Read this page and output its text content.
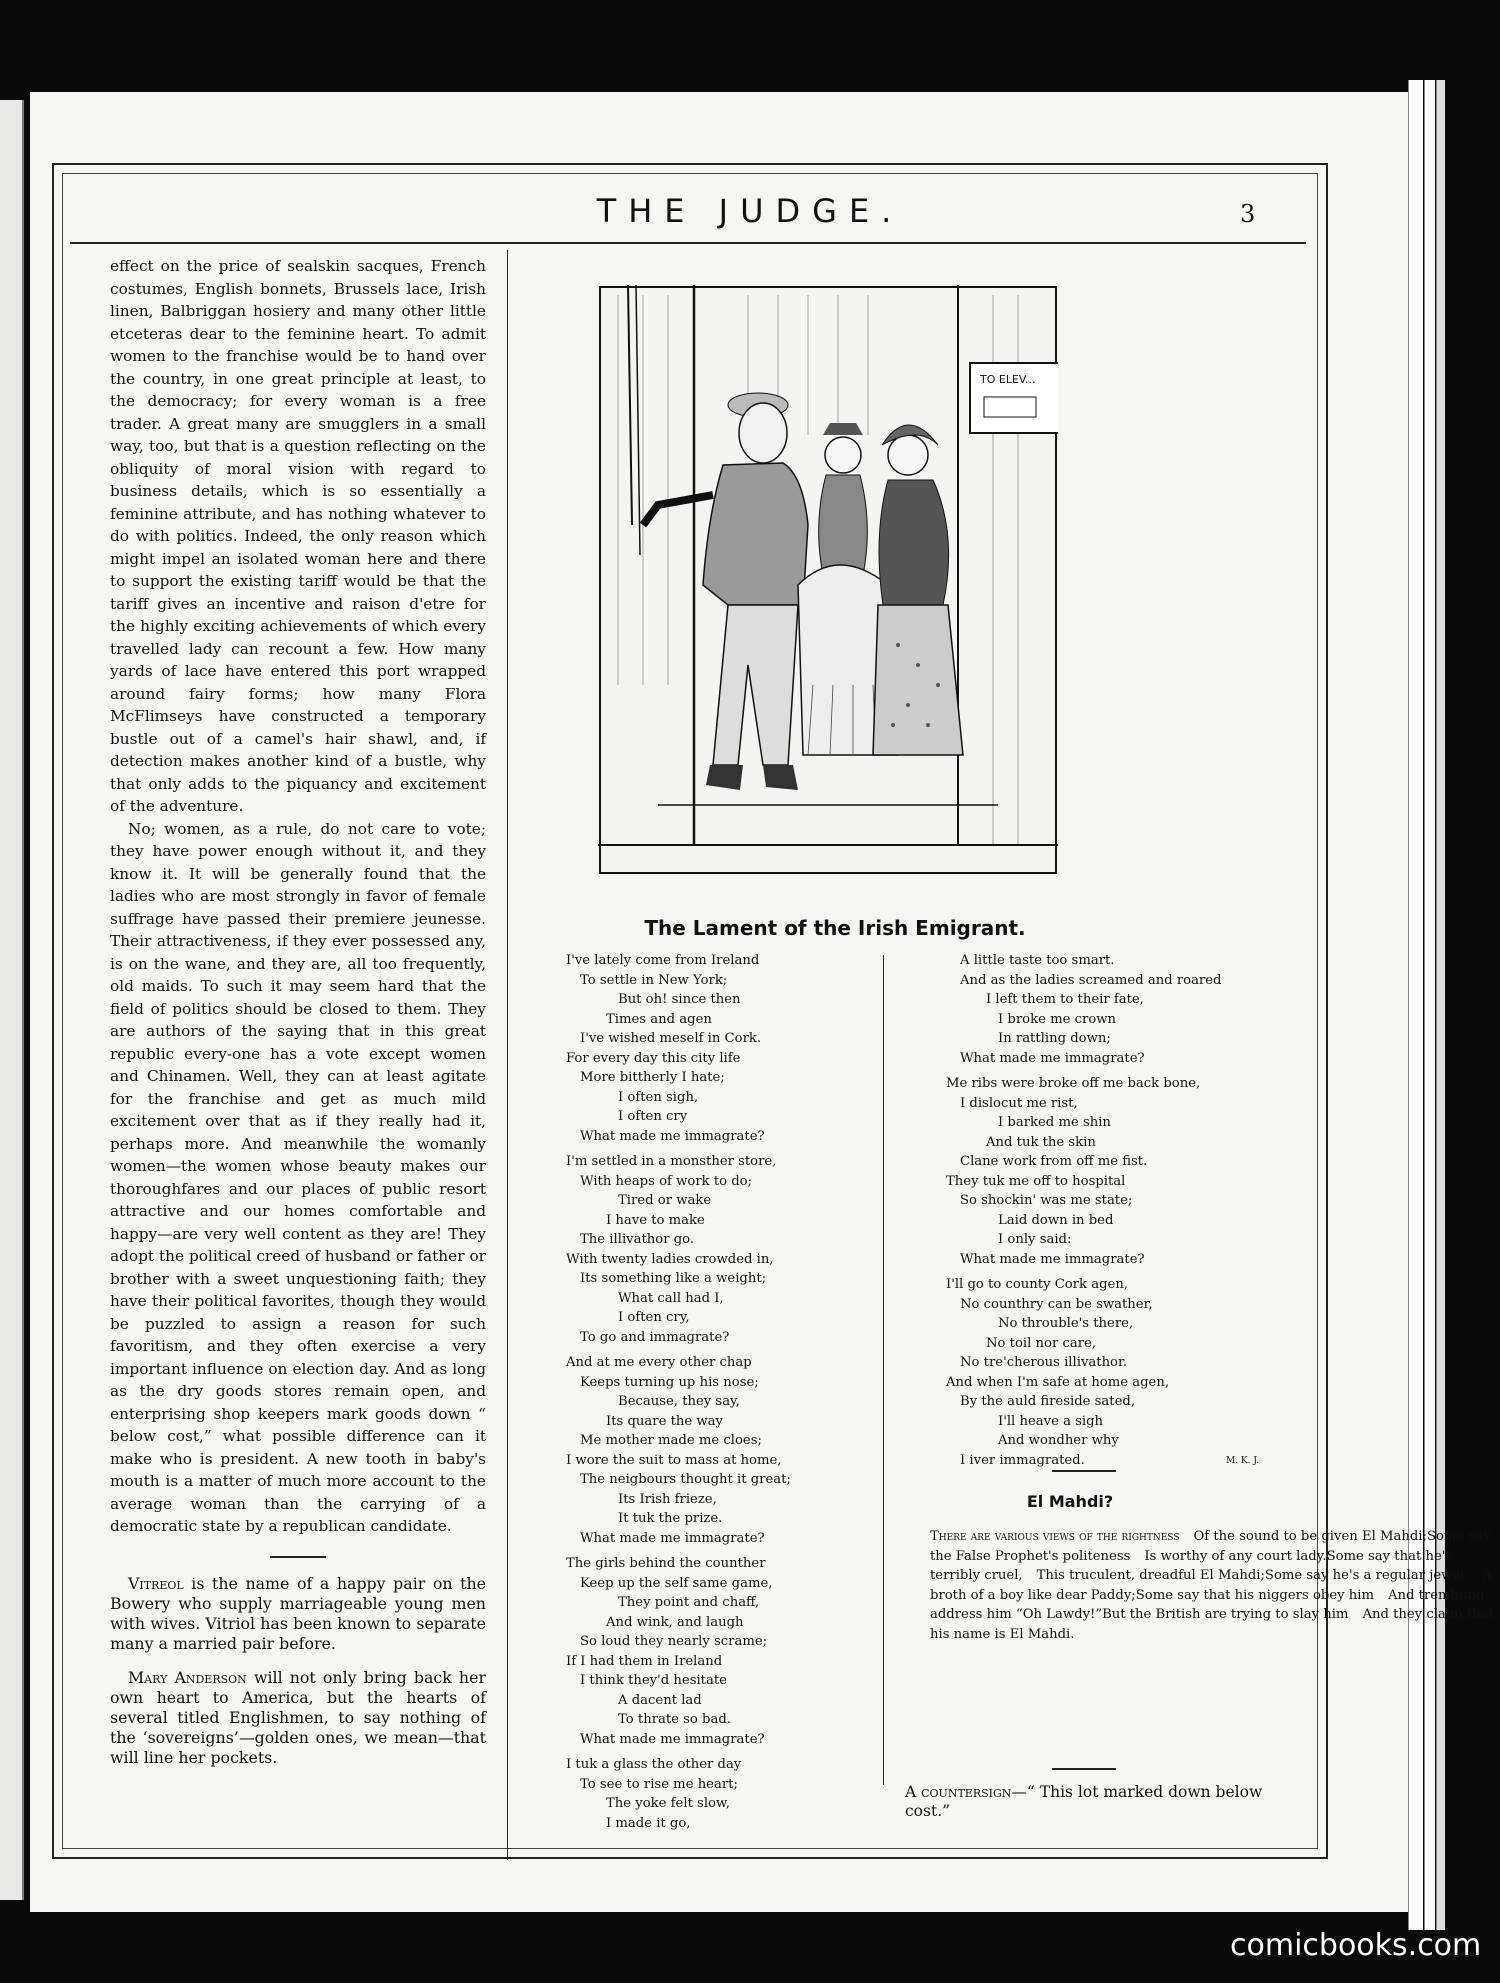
THE JUDGE.	3

effect on the price of sealskin sacques, French costumes, English bonnets, Brussels lace, Irish linen, Balbriggan hosiery and many other little etceteras dear to the feminine heart. To admit women to the franchise would be to hand over the country, in one great principle at least, to the democracy; for every woman is a free trader. A great many are smugglers in a small way, too, but that is a question reflecting on the obliquity of moral vision with regard to business details, which is so essentially a feminine attribute, and has nothing whatever to do with politics. Indeed, the only reason which might impel an isolated woman here and there to support the existing tariff would be that the tariff gives an incentive and raison d'etre for the highly exciting achievements of which every travelled lady can recount a few. How many yards of lace have entered this port wrapped around fairy forms; how many Flora McFlimseys have constructed a temporary bustle out of a camel's hair shawl, and, if detection makes another kind of a bustle, why that only adds to the piquancy and excitement of the adventure.

No; women, as a rule, do not care to vote; they have power enough without it, and they know it. It will be generally found that the ladies who are most strongly in favor of female suffrage have passed their premiere jeunesse. Their attractiveness, if they ever possessed any, is on the wane, and they are, all too frequently, old maids. To such it may seem hard that the field of politics should be closed to them. They are authors of the saying that in this great republic every-one has a vote except women and Chinamen. Well, they can at least agitate for the franchise and get as much mild excitement over that as if they really had it, perhaps more. And meanwhile the womanly women—the women whose beauty makes our thoroughfares and our places of public resort attractive and our homes comfortable and happy—are very well content as they are! They adopt the political creed of husband or father or brother with a sweet unquestioning faith; they have their political favorites, though they would be puzzled to assign a reason for such favoritism, and they often exercise a very important influence on election day. And as long as the dry goods stores remain open, and enterprising shop keepers mark goods down “ below cost,” what possible difference can it make who is president. A new tooth in baby's mouth is a matter of much more account to the average woman than the carrying of a democratic state by a republican candidate.

Vitreol is the name of a happy pair on the Bowery who supply marriageable young men with wives. Vitriol has been known to separate many a married pair before.

Mary Anderson will not only bring back her own heart to America, but the hearts of several titled Englishmen, to say nothing of the ‘sovereigns’—golden ones, we mean—that will line her pockets.

TO ELEV...
The Lament of the Irish Emigrant.
I've lately come from Ireland
To settle in New York;
But oh! since then
Times and agen
I've wished meself in Cork.
For every day this city life
More bittherly I hate;
I often sigh,
I often cry
What made me immagrate?
I'm settled in a monsther store,
With heaps of work to do;
Tired or wake
I have to make
The illivathor go.
With twenty ladies crowded in,
Its something like a weight;
What call had I,
I often cry,
To go and immagrate?
And at me every other chap
Keeps turning up his nose;
Because, they say,
Its quare the way
Me mother made me cloes;
I wore the suit to mass at home,
The neigbours thought it great;
Its Irish frieze,
It tuk the prize.
What made me immagrate?
The girls behind the counther
Keep up the self same game,
They point and chaff,
And wink, and laugh
So loud they nearly scrame;
If I had them in Ireland
I think they'd hesitate
A dacent lad
To thrate so bad.
What made me immagrate?
I tuk a glass the other day
To see to rise me heart;
The yoke felt slow,
I made it go,
A little taste too smart.
And as the ladies screamed and roared
I left them to their fate,
I broke me crown
In rattling down;
What made me immagrate?
Me ribs were broke off me back bone,
I dislocut me rist,
I barked me shin
And tuk the skin
Clane work from off me fist.
They tuk me off to hospital
So shockin' was me state;
Laid down in bed
I only said:
What made me immagrate?
I'll go to county Cork agen,
No counthry can be swather,
No throuble's there,
No toil nor care,
No tre'cherous illivathor.
And when I'm safe at home agen,
By the auld fireside sated,
I'll heave a sigh
And wondher why
I iver immagrated.	M. K. J.
El Mahdi?
There are various views of the rightness Of the sound to be given El Mahdi;Some say the False Prophet's politeness Is worthy of any court lady.Some say that he's terribly cruel, This truculent, dreadful El Mahdi;Some say he's a regular jewel, A broth of a boy like dear Paddy;Some say that his niggers obey him And trembling address him “Oh Lawdy!”But the British are trying to slay him And they claim that his name is El Mahdi.
A countersign—“ This lot marked down below cost.”
comicbooks.com
